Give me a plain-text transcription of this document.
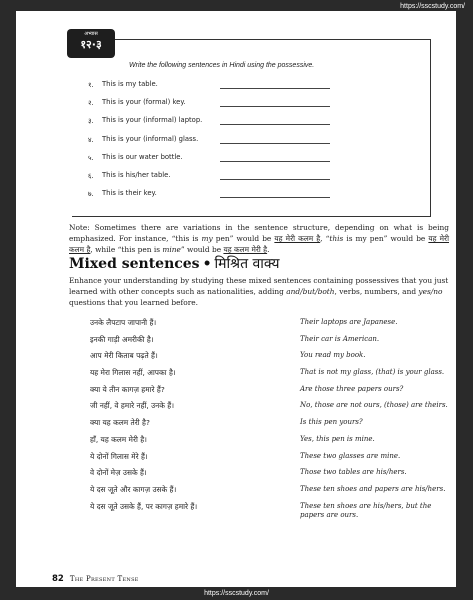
https://sscstudy.com/
अभ्यास
१२·३
Write the following sentences in Hindi using the possessive.
१. This is my table.
२. This is your (formal) key.
३. This is your (informal) laptop.
४. This is your (informal) glass.
५. This is our water bottle.
६. This is his/her table.
७. This is their key.
Note: Sometimes there are variations in the sentence structure, depending on what is being emphasized. For instance, “this is my pen” would be यह मेरी कलम है, “this is my pen” would be यह मेरी कलम है, while “this pen is mine” would be यह कलम मेरी है.
Mixed sentences • मिश्रित वाक्य
Enhance your understanding by studying these mixed sentences containing possessives that you just learned with other concepts such as nationalities, adding and/but/both, verbs, numbers, and yes/no questions that you learned before.
उनके लैपटाप जापानी हैं।	Their laptops are Japanese.
इनकी गाड़ी अमरीकी है।	Their car is American.
आप मेरी किताब पढ़ते हैं।	You read my book.
यह मेरा गिलास नहीं, आपका है।	That is not my glass, (that) is your glass.
क्या ये तीन कागज़ हमारे हैं?	Are those three papers ours?
जी नहीं, वे हमारे नहीं, उनके हैं।	No, those are not ours, (those) are theirs.
क्या यह कलम तेरी है?	Is this pen yours?
हाँ, यह कलम मेरी है।	Yes, this pen is mine.
ये दोनों गिलास मेरे हैं।	These two glasses are mine.
वे दोनों मेज़ उसके हैं।	Those two tables are his/hers.
ये दस जूते और कागज़ उसके हैं।	These ten shoes and papers are his/hers.
ये दस जूते उसके हैं, पर कागज़ हमारे हैं।	These ten shoes are his/hers, but the papers are ours.
82 The Present Tense
https://sscstudy.com/
